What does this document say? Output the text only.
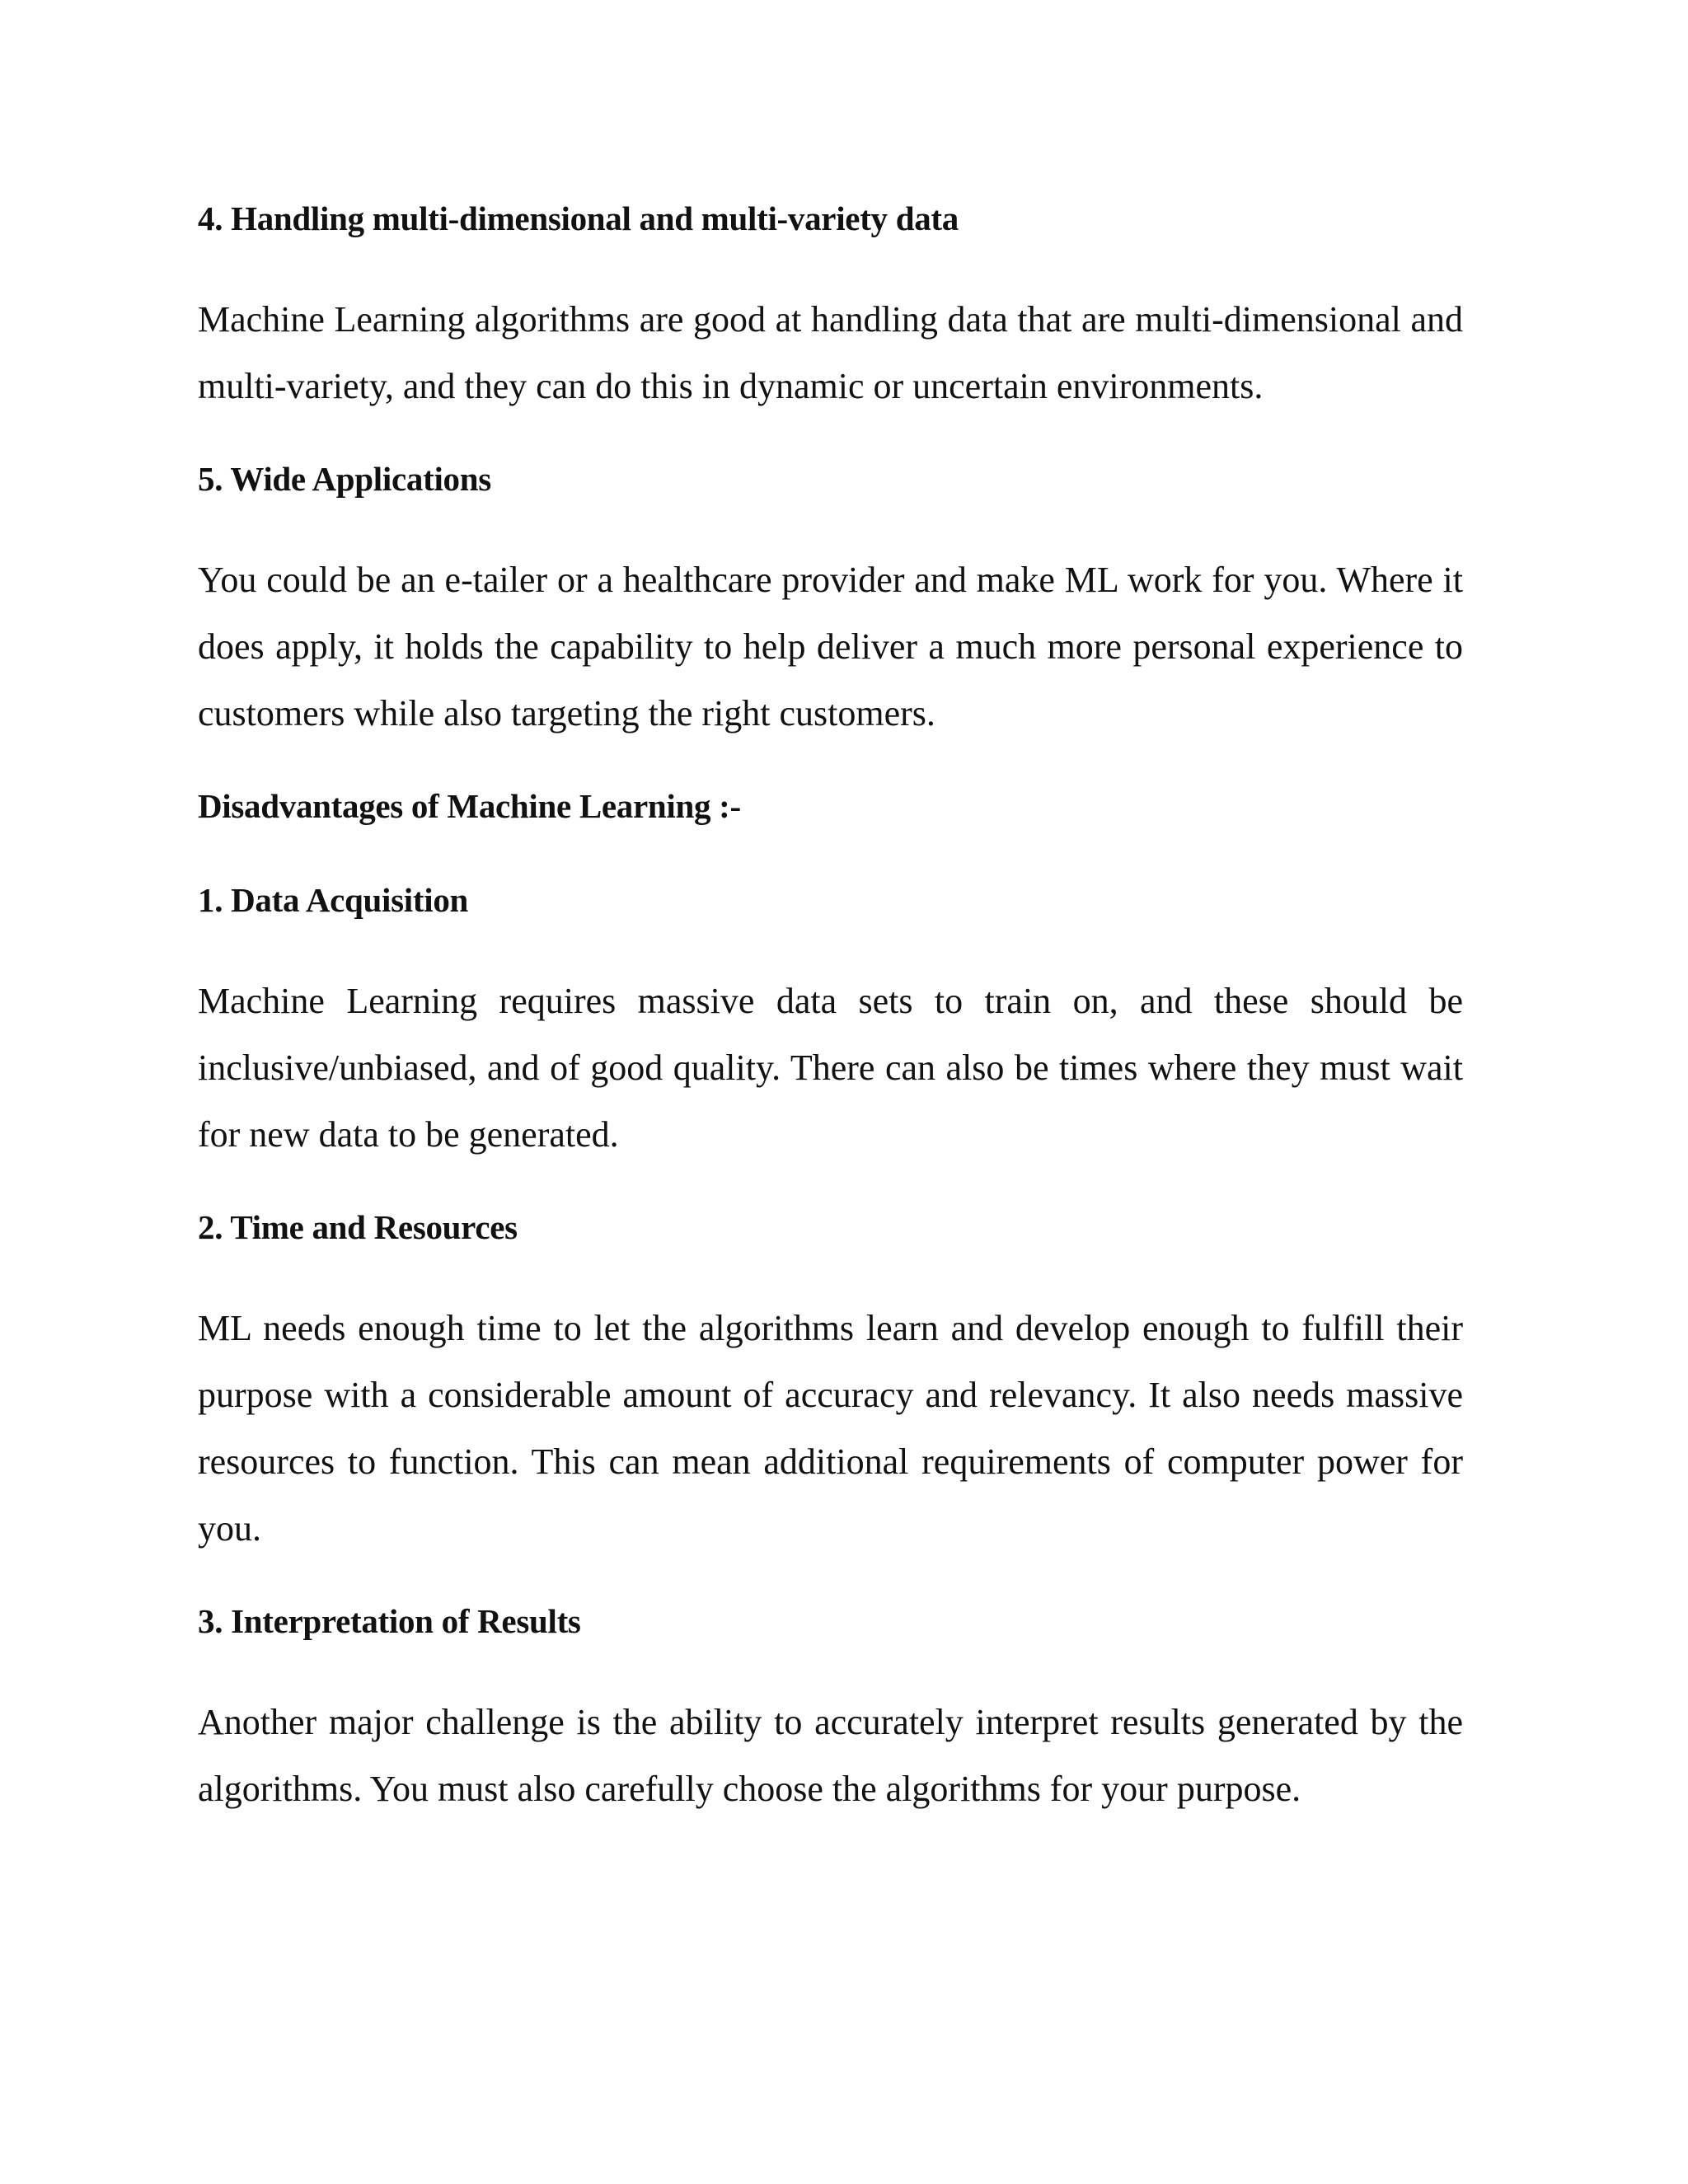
4. Handling multi-dimensional and multi-variety data

Machine Learning algorithms are good at handling data that are multi-dimensional and multi-variety, and they can do this in dynamic or uncertain environments.

5. Wide Applications

You could be an e-tailer or a healthcare provider and make ML work for you. Where it does apply, it holds the capability to help deliver a much more personal experience to customers while also targeting the right customers.

Disadvantages of Machine Learning :-
1. Data Acquisition

Machine Learning requires massive data sets to train on, and these should be inclusive/unbiased, and of good quality. There can also be times where they must wait for new data to be generated.

2. Time and Resources

ML needs enough time to let the algorithms learn and develop enough to fulfill their purpose with a considerable amount of accuracy and relevancy. It also needs massive resources to function. This can mean additional requirements of computer power for you.

3. Interpretation of Results

Another major challenge is the ability to accurately interpret results generated by the algorithms. You must also carefully choose the algorithms for your purpose.
